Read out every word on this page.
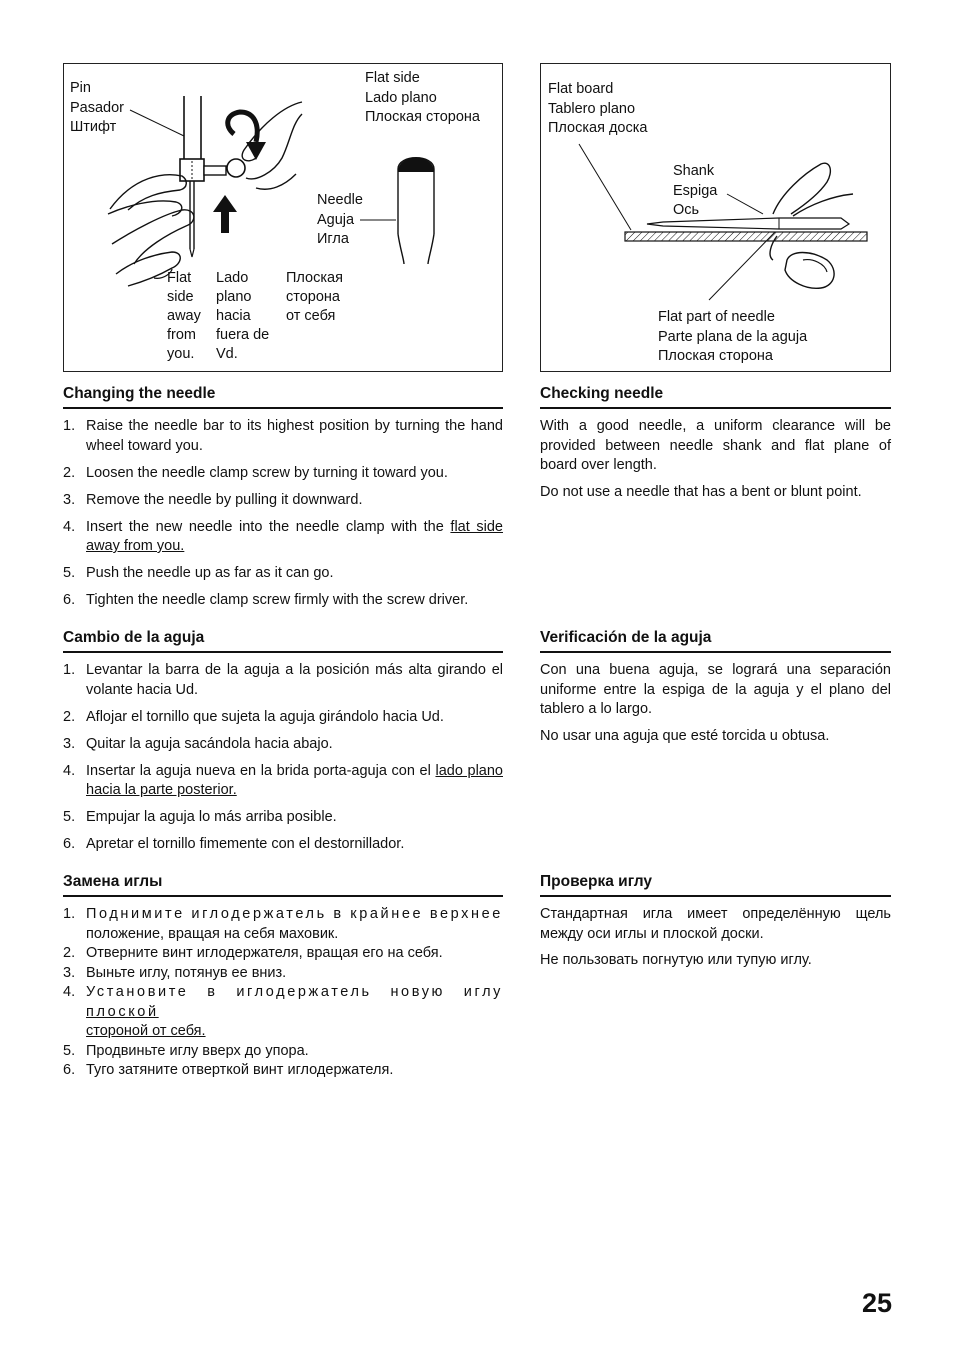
Pin
Pasador
Штифт
Flat side
Lado plano
Плоская сторона
Needle
Aguja
Игла
Flat
side
away
from
you.
Lado
plano
hacia
fuera de
Vd.
Плоская
сторона
от себя
Flat board
Tablero plano
Плоская доска
Shank
Espiga
Ось
Flat part of needle
Parte plana de la aguja
Плоская сторона
Changing the needle
1. Raise the needle bar to its highest position by turning the hand wheel toward you.
2. Loosen the needle clamp screw by turning it toward you.
3. Remove the needle by pulling it downward.
4. Insert the new needle into the needle clamp with the flat side away from you.
5. Push the needle up as far as it can go.
6. Tighten the needle clamp screw firmly with the screw driver.
Cambio de la aguja
1. Levantar la barra de la aguja a la posición más alta girando el volante hacia Ud.
2. Aflojar el tornillo que sujeta la aguja girándolo hacia Ud.
3. Quitar la aguja sacándola hacia abajo.
4. Insertar la aguja nueva en la brida porta-aguja con el lado plano hacia la parte posterior.
5. Empujar la aguja lo más arriba posible.
6. Apretar el tornillo fimemente con el destornillador.
Замена иглы
1. Поднимите иглодержатель в крайнее верхнее
положение, вращая на себя маховик.
2. Отверните винт иглодержателя, вращая его на себя.
3. Выньте иглу, потянув ее вниз.
4. Установите в иглодержатель новую иглу плоской
стороной от себя.
5. Продвиньте иглу вверх до упора.
6. Туго затяните отверткой винт иглодержателя.
Checking needle

With a good needle, a uniform clearance will be provided between needle shank and flat plane of board over length.

Do not use a needle that has a bent or blunt point.

Verificación de la aguja

Con una buena aguja, se logrará una separación uniforme entre la espiga de la aguja y el plano del tablero a lo largo.

No usar una aguja que esté torcida u obtusa.

Проверка иглу

Стандартная игла имеет определённую щель между оси иглы и плоской доски.

Не пользовать погнутую или тупую иглу.

25
